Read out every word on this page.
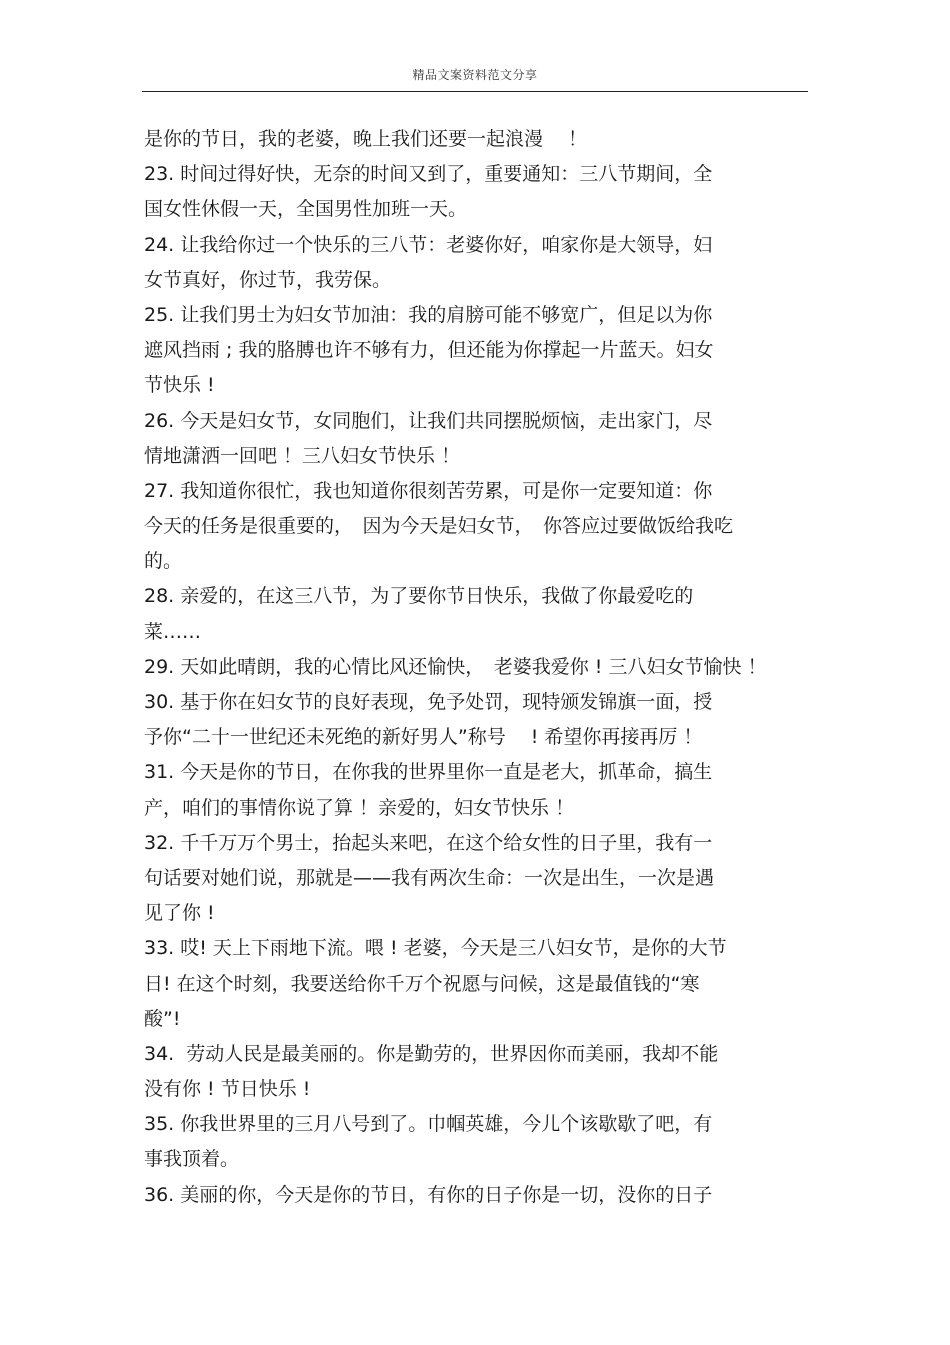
精品文案资料范文分享
是你的节日，我的老婆，晚上我们还要一起浪漫　 ！
23. 时间过得好快，无奈的时间又到了，重要通知：三八节期间，全
国女性休假一天，全国男性加班一天。
24. 让我给你过一个快乐的三八节：老婆你好，咱家你是大领导，妇
女节真好，你过节，我劳保。
25. 让我们男士为妇女节加油：我的肩膀可能不够宽广，但足以为你
遮风挡雨 ; 我的胳膊也许不够有力，但还能为你撑起一片蓝天。妇女
节快乐 !
26. 今天是妇女节，女同胞们，让我们共同摆脱烦恼，走出家门，尽
情地潇洒一回吧 ！三八妇女节快乐 ！
27. 我知道你很忙，我也知道你很刻苦劳累，可是你一定要知道：你
今天的任务是很重要的，　因为今天是妇女节，　你答应过要做饭给我吃
的。
28. 亲爱的，在这三八节，为了要你节日快乐，我做了你最爱吃的
菜……
29. 天如此晴朗，我的心情比风还愉快，　老婆我爱你 ! 三八妇女节愉快 ！
30. 基于你在妇女节的良好表现，免予处罚，现特颁发锦旗一面，授
予你“二十一世纪还未死绝的新好男人”称号　 ! 希望你再接再厉 ！
31. 今天是你的节日，在你我的世界里你一直是老大，抓革命，搞生
产，咱们的事情你说了算 ！亲爱的，妇女节快乐 ！
32. 千千万万个男士，抬起头来吧，在这个给女性的日子里，我有一
句话要对她们说，那就是——我有两次生命：一次是出生，一次是遇
见了你 !
33. 哎! 天上下雨地下流。喂 ! 老婆，今天是三八妇女节，是你的大节
日! 在这个时刻，我要送给你千万个祝愿与问候，这是最值钱的“寒
酸”!
34.  劳动人民是最美丽的。你是勤劳的，世界因你而美丽，我却不能
没有你 ! 节日快乐 !
35. 你我世界里的三月八号到了。巾帼英雄，今儿个该歇歇了吧，有
事我顶着。
36. 美丽的你，今天是你的节日，有你的日子你是一切，没你的日子
